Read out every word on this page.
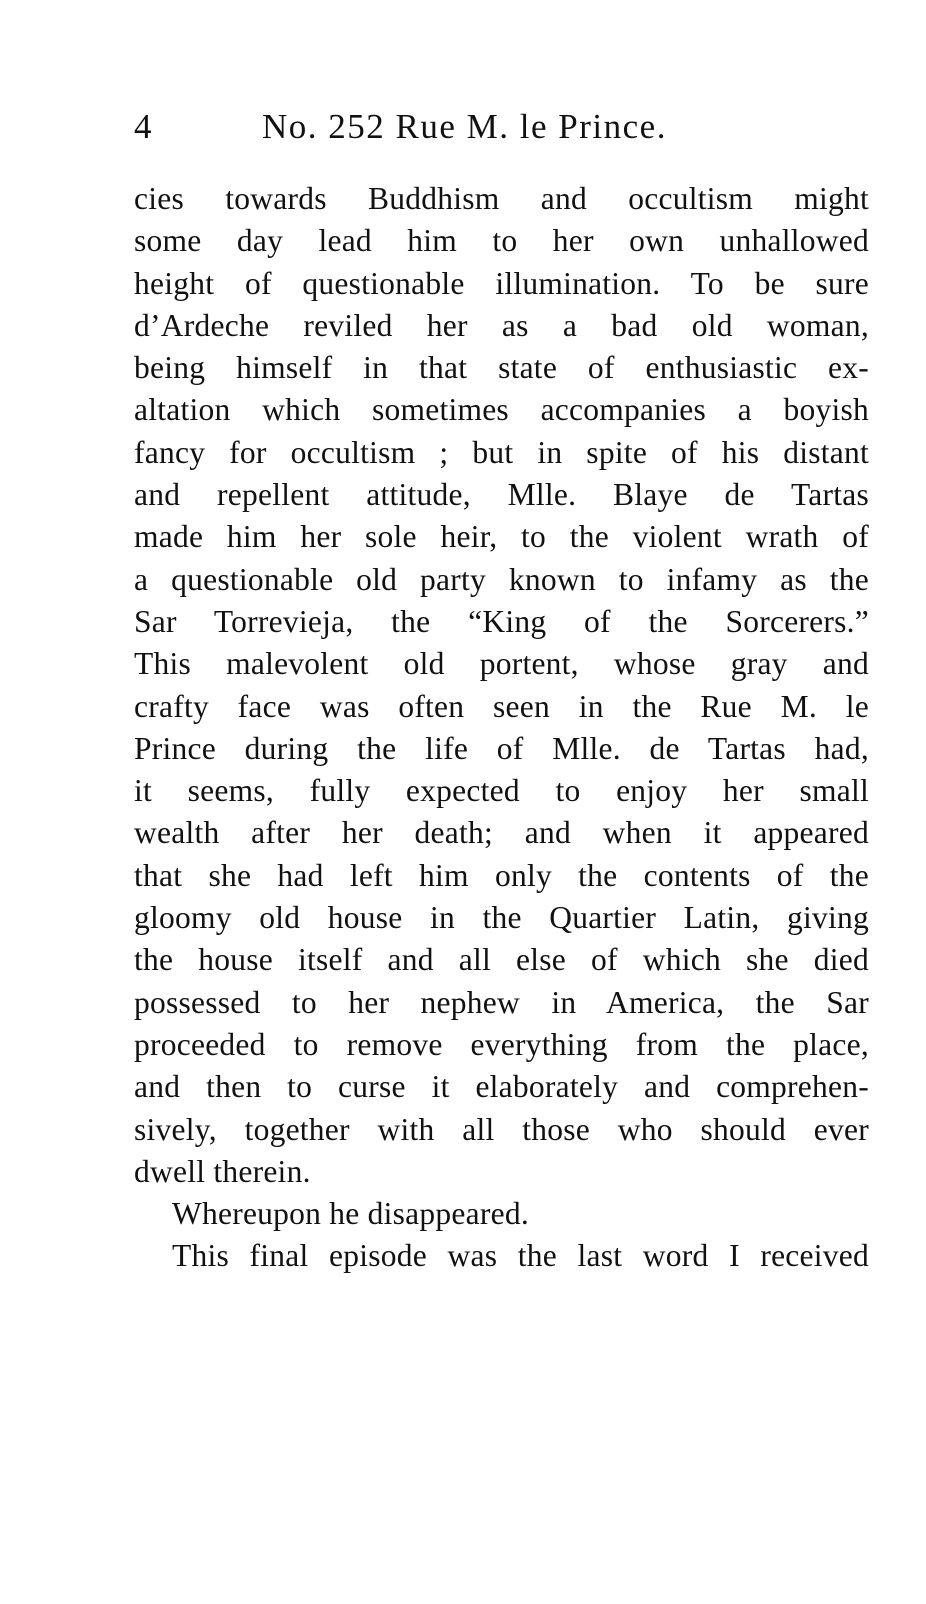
4	No. 252 Rue M. le Prince.
cies towards Buddhism and occultism might
some day lead him to her own unhallowed
height of questionable illumination. To be sure
d’Ardeche reviled her as a bad old woman,
being himself in that state of enthusiastic ex-
altation which sometimes accompanies a boyish
fancy for occultism ; but in spite of his distant
and repellent attitude, Mlle. Blaye de Tartas
made him her sole heir, to the violent wrath of
a questionable old party known to infamy as the
Sar Torrevieja, the “King of the Sorcerers.”
This malevolent old portent, whose gray and
crafty face was often seen in the Rue M. le
Prince during the life of Mlle. de Tartas had,
it seems, fully expected to enjoy her small
wealth after her death; and when it appeared
that she had left him only the contents of the
gloomy old house in the Quartier Latin, giving
the house itself and all else of which she died
possessed to her nephew in America, the Sar
proceeded to remove everything from the place,
and then to curse it elaborately and comprehen-
sively, together with all those who should ever
dwell therein.
Whereupon he disappeared.
This final episode was the last word I received
